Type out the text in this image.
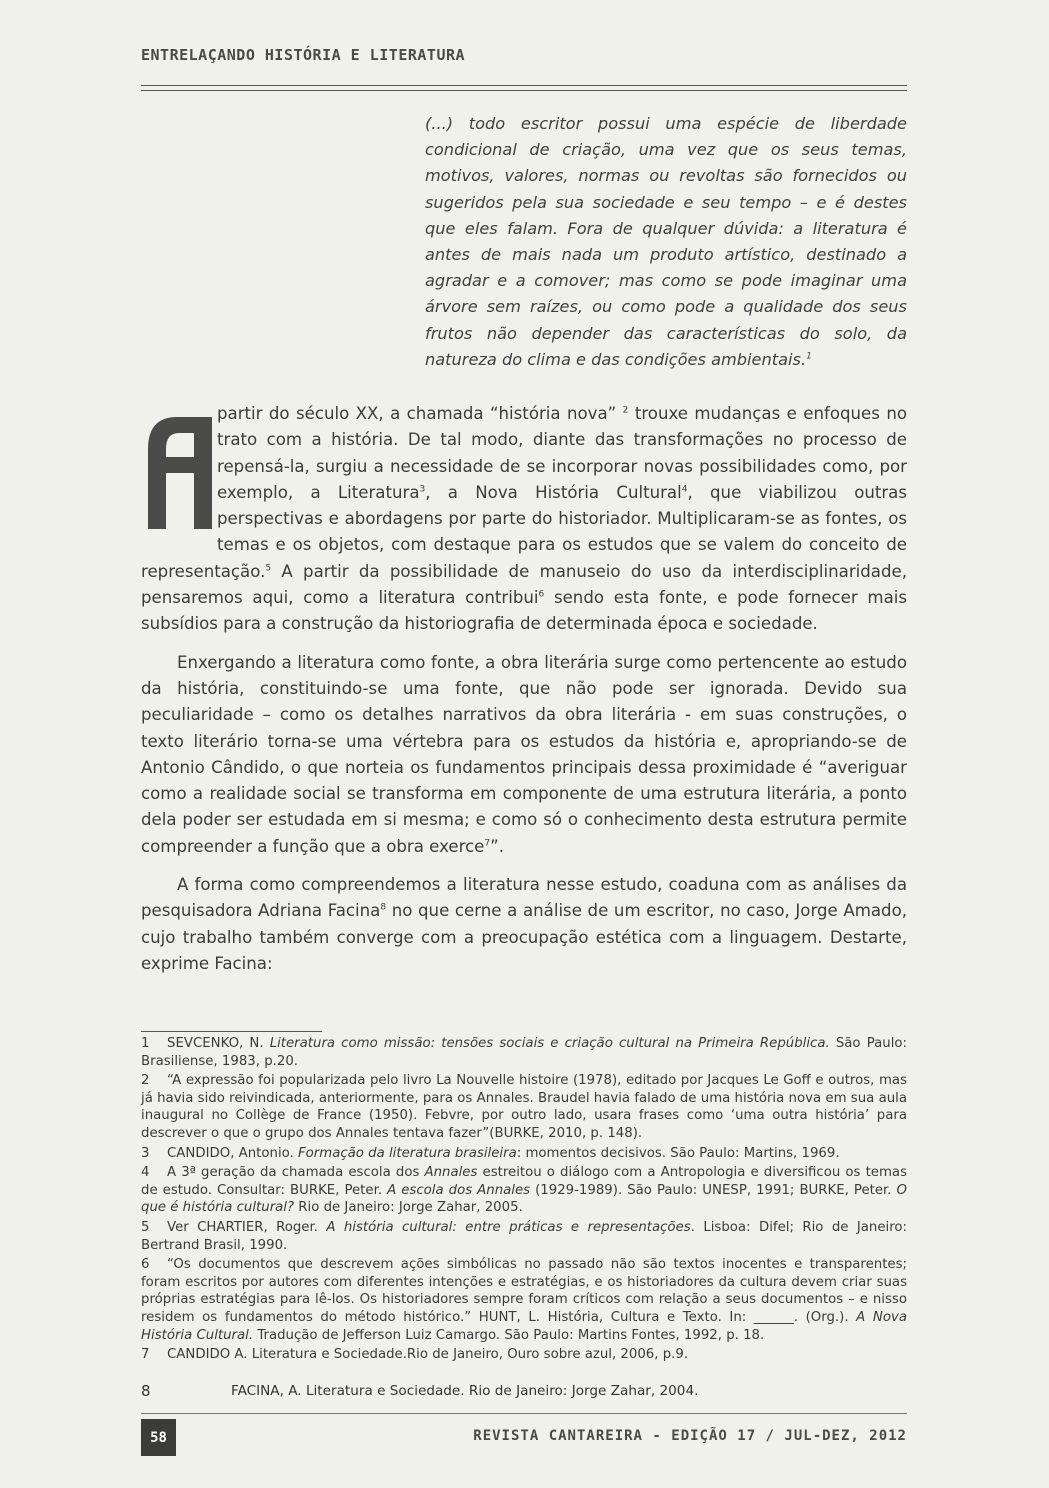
ENTRELAÇANDO HISTÓRIA E LITERATURA
(...) todo escritor possui uma espécie de liberdade condicional de criação, uma vez que os seus temas, motivos, valores, normas ou revoltas são fornecidos ou sugeridos pela sua sociedade e seu tempo – e é destes que eles falam. Fora de qualquer dúvida: a literatura é antes de mais nada um produto artístico, destinado a agradar e a comover; mas como se pode imaginar uma árvore sem raízes, ou como pode a qualidade dos seus frutos não depender das características do solo, da natureza do clima e das condições ambientais.$^1$

A
partir do século XX, a chamada “história nova” $^2$ trouxe mudanças e enfoques no trato com a história. De tal modo, diante das transformações no processo de repensá-la, surgiu a necessidade de se incorporar novas possibilidades como, por exemplo, a Literatura$^3$, a Nova História Cultural$^4$, que viabilizou outras perspectivas e abordagens por parte do historiador. Multiplicaram-se as fontes, os temas e os objetos, com destaque para os estudos que se valem do conceito de representação.$^5$ A partir da possibilidade de manuseio do uso da interdisciplinaridade, pensaremos aqui, como a literatura contribui$^6$ sendo esta fonte, e pode fornecer mais subsídios para a construção da historiografia de determinada época e sociedade.

Enxergando a literatura como fonte, a obra literária surge como pertencente ao estudo da história, constituindo-se uma fonte, que não pode ser ignorada. Devido sua peculiaridade – como os detalhes narrativos da obra literária - em suas construções, o texto literário torna-se uma vértebra para os estudos da história e, apropriando-se de Antonio Cândido, o que norteia os fundamentos principais dessa proximidade é “averiguar como a realidade social se transforma em componente de uma estrutura literária, a ponto dela poder ser estudada em si mesma; e como só o conhecimento desta estrutura permite compreender a função que a obra exerce$^7$”.

A forma como compreendemos a literatura nesse estudo, coaduna com as análises da pesquisadora Adriana Facina$^8$ no que cerne a análise de um escritor, no caso, Jorge Amado, cujo trabalho também converge com a preocupação estética com a linguagem. Destarte, exprime Facina:

1 SEVCENKO, N. Literatura como missão: tensões sociais e criação cultural na Primeira República. São Paulo: Brasiliense, 1983, p.20.
2 “A expressão foi popularizada pelo livro La Nouvelle histoire (1978), editado por Jacques Le Goff e outros, mas já havia sido reivindicada, anteriormente, para os Annales. Braudel havia falado de uma história nova em sua aula inaugural no Collège de France (1950). Febvre, por outro lado, usara frases como ‘uma outra história’ para descrever o que o grupo dos Annales tentava fazer”(BURKE, 2010, p. 148).
3 CANDIDO, Antonio. Formação da literatura brasileira: momentos decisivos. São Paulo: Martins, 1969.
4 A 3ª geração da chamada escola dos Annales estreitou o diálogo com a Antropologia e diversificou os temas de estudo. Consultar: BURKE, Peter. A escola dos Annales (1929-1989). São Paulo: UNESP, 1991; BURKE, Peter. O que é história cultural? Rio de Janeiro: Jorge Zahar, 2005.
5 Ver CHARTIER, Roger. A história cultural: entre práticas e representações. Lisboa: Difel; Rio de Janeiro: Bertrand Brasil, 1990.
6 “Os documentos que descrevem ações simbólicas no passado não são textos inocentes e transparentes; foram escritos por autores com diferentes intenções e estratégias, e os historiadores da cultura devem criar suas próprias estratégias para lê-los. Os historiadores sempre foram críticos com relação a seus documentos – e nisso residem os fundamentos do método histórico.” HUNT, L. História, Cultura e Texto. In: ______. (Org.). A Nova História Cultural. Tradução de Jefferson Luiz Camargo. São Paulo: Martins Fontes, 1992, p. 18.
7 CANDIDO A. Literatura e Sociedade.Rio de Janeiro, Ouro sobre azul, 2006, p.9.
8	FACINA, A. Literatura e Sociedade. Rio de Janeiro: Jorge Zahar, 2004.
58	REVISTA CANTAREIRA - EDIÇÃO 17 / JUL-DEZ, 2012
